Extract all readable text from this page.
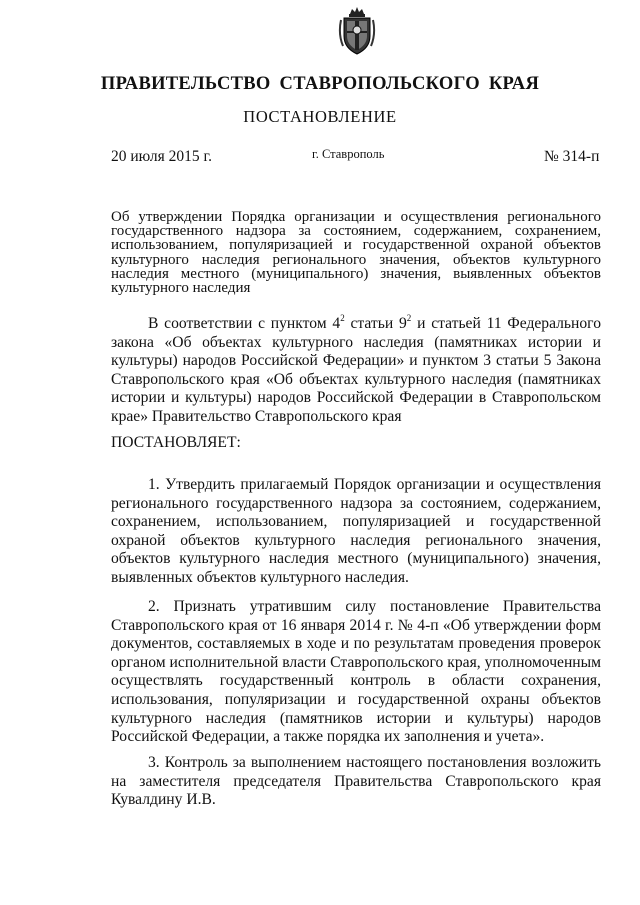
ПРАВИТЕЛЬСТВО СТАВРОПОЛЬСКОГО КРАЯ
ПОСТАНОВЛЕНИЕ
20 июля 2015 г.	г. Ставрополь	№ 314-п
Об утверждении Порядка организации и осуществления регионального государственного надзора за состоянием, содержанием, сохранением, использованием, популяризацией и государственной охраной объектов культурного наследия регионального значения, объектов культурного наследия местного (муниципального) значения, выявленных объектов культурного наследия
В соответствии с пунктом $4^2$ статьи $9^2$ и статьей 11 Федерального закона «Об объектах культурного наследия (памятниках истории и культуры) народов Российской Федерации» и пунктом 3 статьи 5 Закона Ставропольского края «Об объектах культурного наследия (памятниках истории и культуры) народов Российской Федерации в Ставропольском крае» Правительство Ставропольского края
ПОСТАНОВЛЯЕТ:
1. Утвердить прилагаемый Порядок организации и осуществления регионального государственного надзора за состоянием, содержанием, сохранением, использованием, популяризацией и государственной охраной объектов культурного наследия регионального значения, объектов культурного наследия местного (муниципального) значения, выявленных объектов культурного наследия.
2. Признать утратившим силу постановление Правительства Ставропольского края от 16 января 2014 г. № 4-п «Об утверждении форм документов, составляемых в ходе и по результатам проведения проверок органом исполнительной власти Ставропольского края, уполномоченным осуществлять государственный контроль в области сохранения, использования, популяризации и государственной охраны объектов культурного наследия (памятников истории и культуры) народов Российской Федерации, а также порядка их заполнения и учета».
3. Контроль за выполнением настоящего постановления возложить на заместителя председателя Правительства Ставропольского края Кувалдину И.В.
